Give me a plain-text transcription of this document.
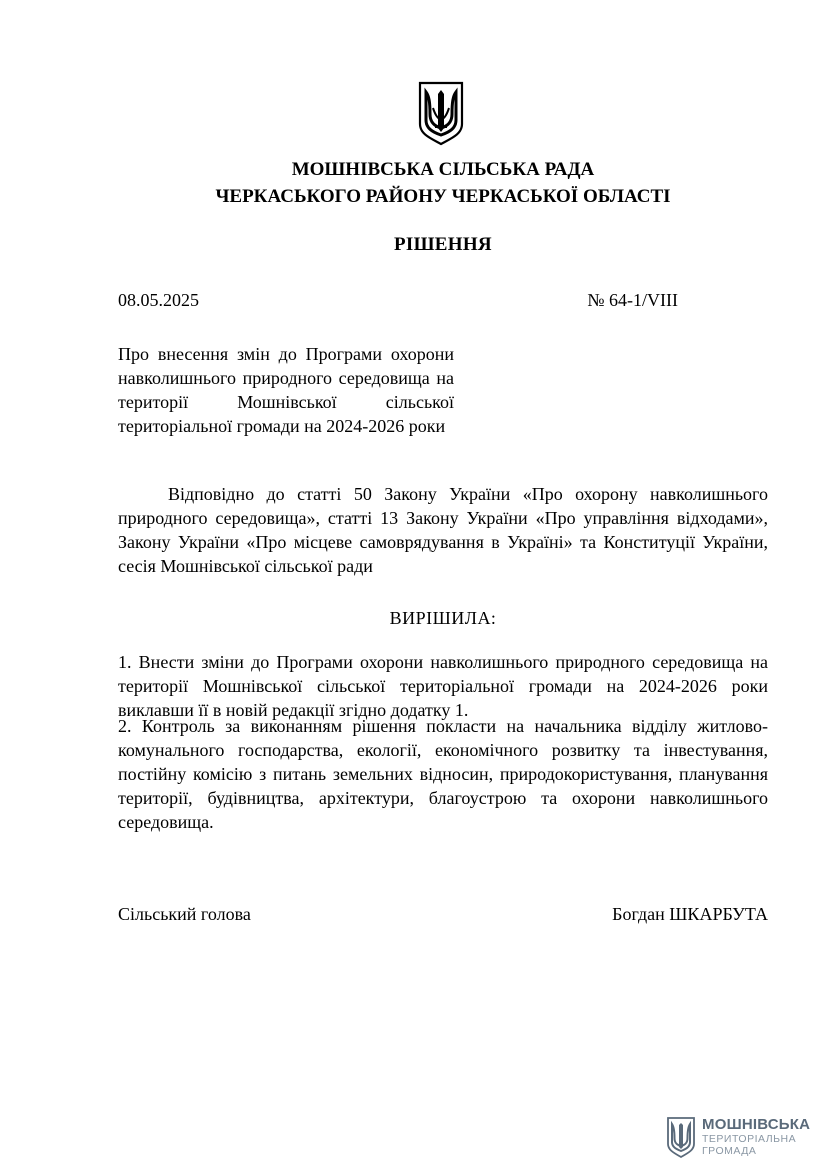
МОШНІВСЬКА СІЛЬСЬКА РАДА
ЧЕРКАСЬКОГО РАЙОНУ ЧЕРКАСЬКОЇ ОБЛАСТІ
РІШЕННЯ
08.05.2025	№ 64-1/VIII
Про внесення змін до Програми охорони навколишнього природного середовища на території Мошнівської сільської територіальної громади на 2024-2026 роки
Відповідно до статті 50 Закону України «Про охорону навколишнього природного середовища», статті 13 Закону України «Про управління відходами», Закону України «Про місцеве самоврядування в Україні» та Конституції України, сесія Мошнівської сільської ради
ВИРІШИЛА:
1. Внести зміни до Програми охорони навколишнього природного середовища на території Мошнівської сільської територіальної громади на 2024-2026 роки виклавши її в новій редакції згідно додатку 1.
2. Контроль за виконанням рішення покласти на начальника відділу житлово-комунального господарства, екології, економічного розвитку та інвестування, постійну комісію з питань земельних відносин, природокористування, планування території, будівництва, архітектури, благоустрою та охорони навколишнього середовища.
Сільський голова	Богдан ШКАРБУТА
МОШНІВСЬКА
ТЕРИТОРІАЛЬНА
ГРОМАДА
